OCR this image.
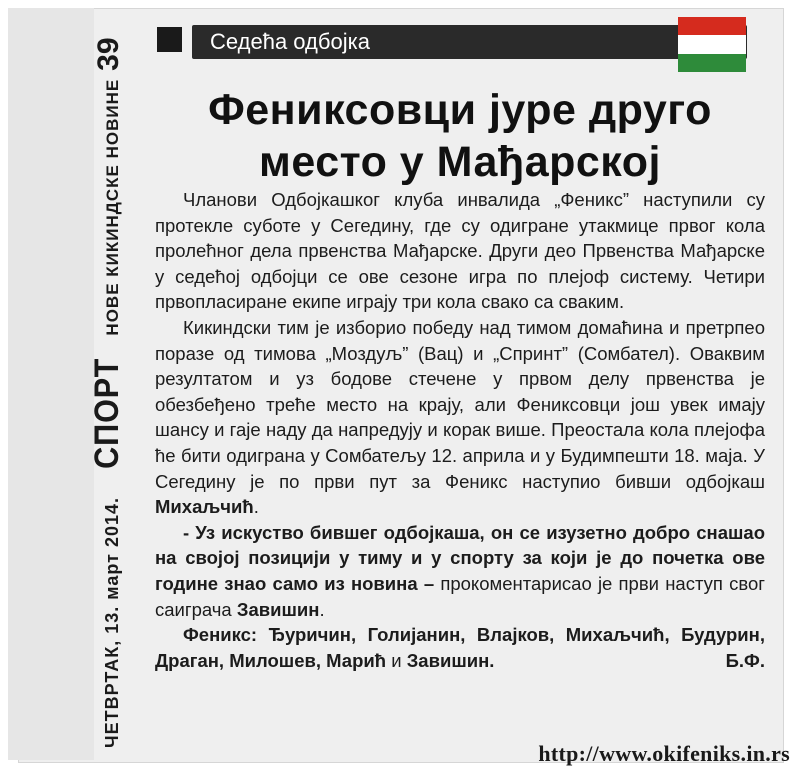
ЧЕТВРТАК, 13. март 2014.
СПОРТ
НОВЕ КИКИНДСКЕ НОВИНЕ
39	Седећа одбојка
Фениксовци јуре друго
место у Мађарској

Чланови Одбојкашког клуба инвалида „Феникс” наступили су протекле суботе у Сегедину, где су одигране утакмице првог кола пролећног дела првенства Мађарске. Други део Првенства Мађарске у седећој одбојци се ове сезоне игра по плејоф систему. Четири првопласиране екипе играју три кола свако са сваким.

Кикиндски тим је изборио победу над тимом домаћина и претрпео поразе од тимова „Моздуљ” (Вац) и „Спринт” (Сомбател). Оваквим резултатом и уз бодове стечене у првом делу првенства је обезбеђено треће место на крају, али Фениксовци још увек имају шансу и гаје наду да напредују и корак више. Преостала кола плејофа ће бити одиграна у Сомбатељу 12. априла и у Будимпешти 18. маја. У Сегедину је по први пут за Феникс наступио бивши одбојкаш Михаљчић.

- Уз искуство бившег одбојкаша, он се изузетно добро снашао на својој позицији у тиму и у спорту за који је до почетка ове године знао само из новина – прокоментарисао је први наступ свог саиграча Завишин.

Феникс: Ђуричин, Голијанин, Влајков, Михаљчић, Будурин, Драган, Милошев, Марић и Завишин.	Б.Ф.

http://www.okifeniks.in.rs
